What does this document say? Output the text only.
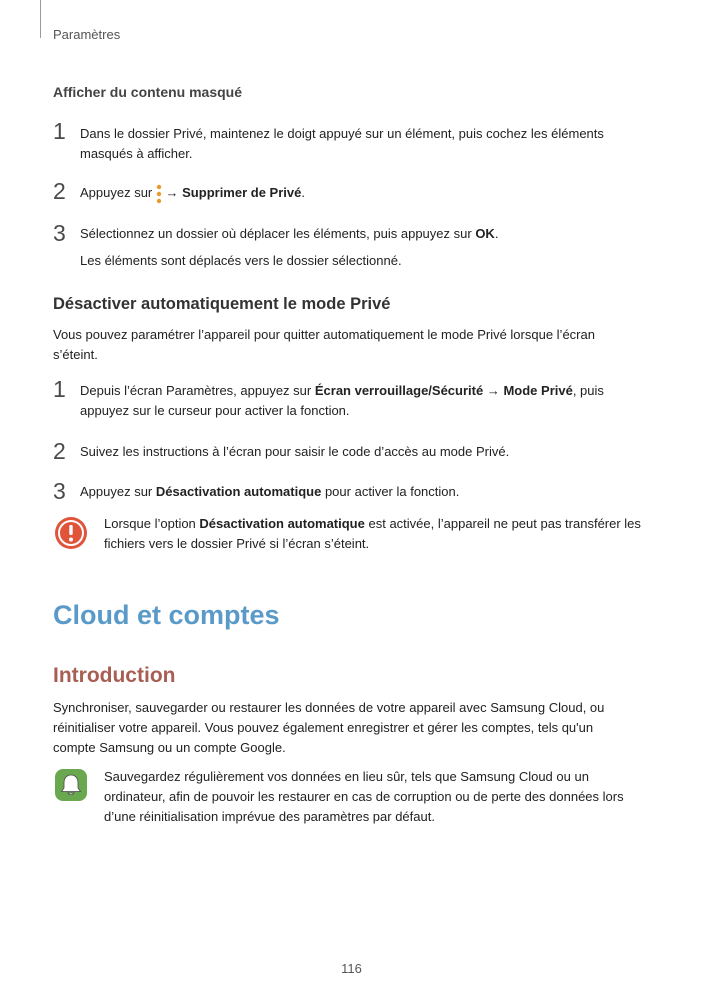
Paramètres
Afficher du contenu masqué
1 Dans le dossier Privé, maintenez le doigt appuyé sur un élément, puis cochez les éléments masqués à afficher.
2 Appuyez sur → Supprimer de Privé.
3 Sélectionnez un dossier où déplacer les éléments, puis appuyez sur OK.
Les éléments sont déplacés vers le dossier sélectionné.
Désactiver automatiquement le mode Privé
Vous pouvez paramétrer l’appareil pour quitter automatiquement le mode Privé lorsque l’écran s’éteint.
1 Depuis l’écran Paramètres, appuyez sur Écran verrouillage/Sécurité → Mode Privé, puis appuyez sur le curseur pour activer la fonction.
2 Suivez les instructions à l’écran pour saisir le code d’accès au mode Privé.
3 Appuyez sur Désactivation automatique pour activer la fonction.
Lorsque l’option Désactivation automatique est activée, l’appareil ne peut pas transférer les fichiers vers le dossier Privé si l’écran s’éteint.
Cloud et comptes
Introduction
Synchroniser, sauvegarder ou restaurer les données de votre appareil avec Samsung Cloud, ou réinitialiser votre appareil. Vous pouvez également enregistrer et gérer les comptes, tels qu'un compte Samsung ou un compte Google.
Sauvegardez régulièrement vos données en lieu sûr, tels que Samsung Cloud ou un ordinateur, afin de pouvoir les restaurer en cas de corruption ou de perte des données lors d’une réinitialisation imprévue des paramètres par défaut.
116
